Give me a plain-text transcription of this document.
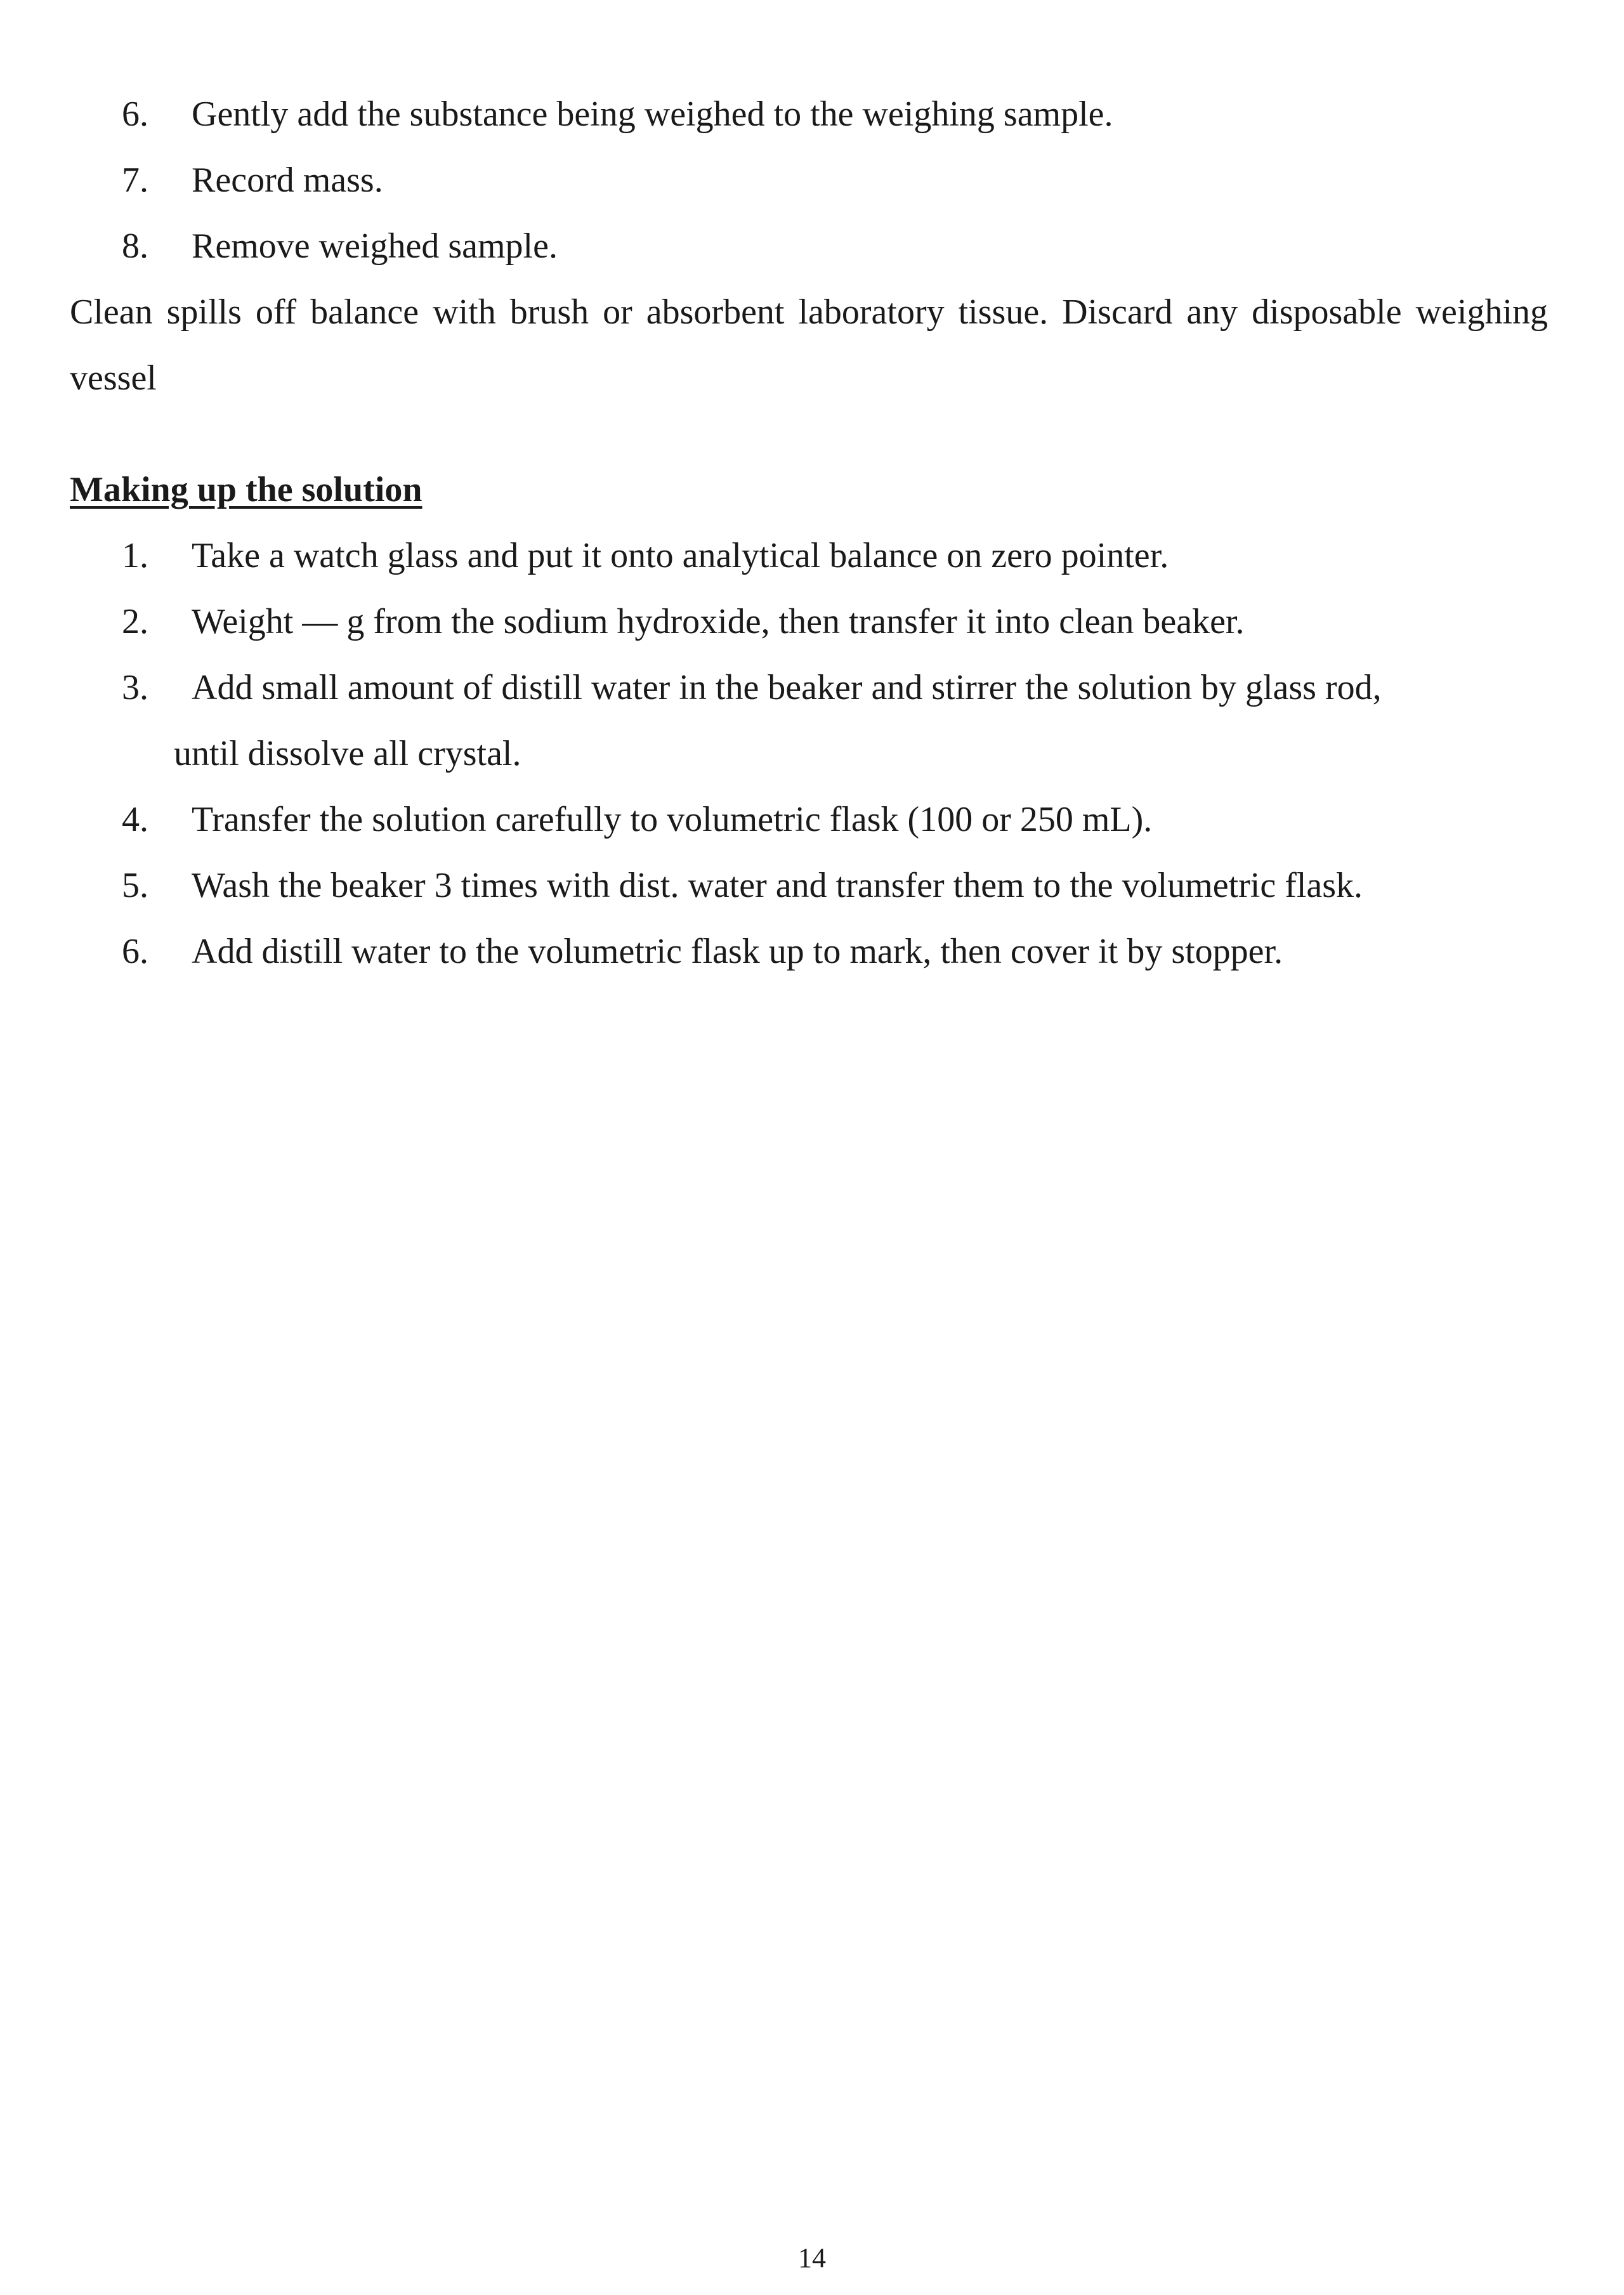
6. Gently add the substance being weighed to the weighing sample.
7. Record mass.
8. Remove weighed sample.

Clean spills off balance with brush or absorbent laboratory tissue. Discard any disposable weighing vessel

Making up the solution

1. Take a watch glass and put it onto analytical balance on zero pointer.
2. Weight — g from the sodium hydroxide, then transfer it into clean beaker.
3. Add small amount of distill water in the beaker and stirrer the solution by glass rod,
until dissolve all crystal.
4. Transfer the solution carefully to volumetric flask (100 or 250 mL).
5. Wash the beaker 3 times with dist. water and transfer them to the volumetric flask.
6. Add distill water to the volumetric flask up to mark, then cover it by stopper.
14
